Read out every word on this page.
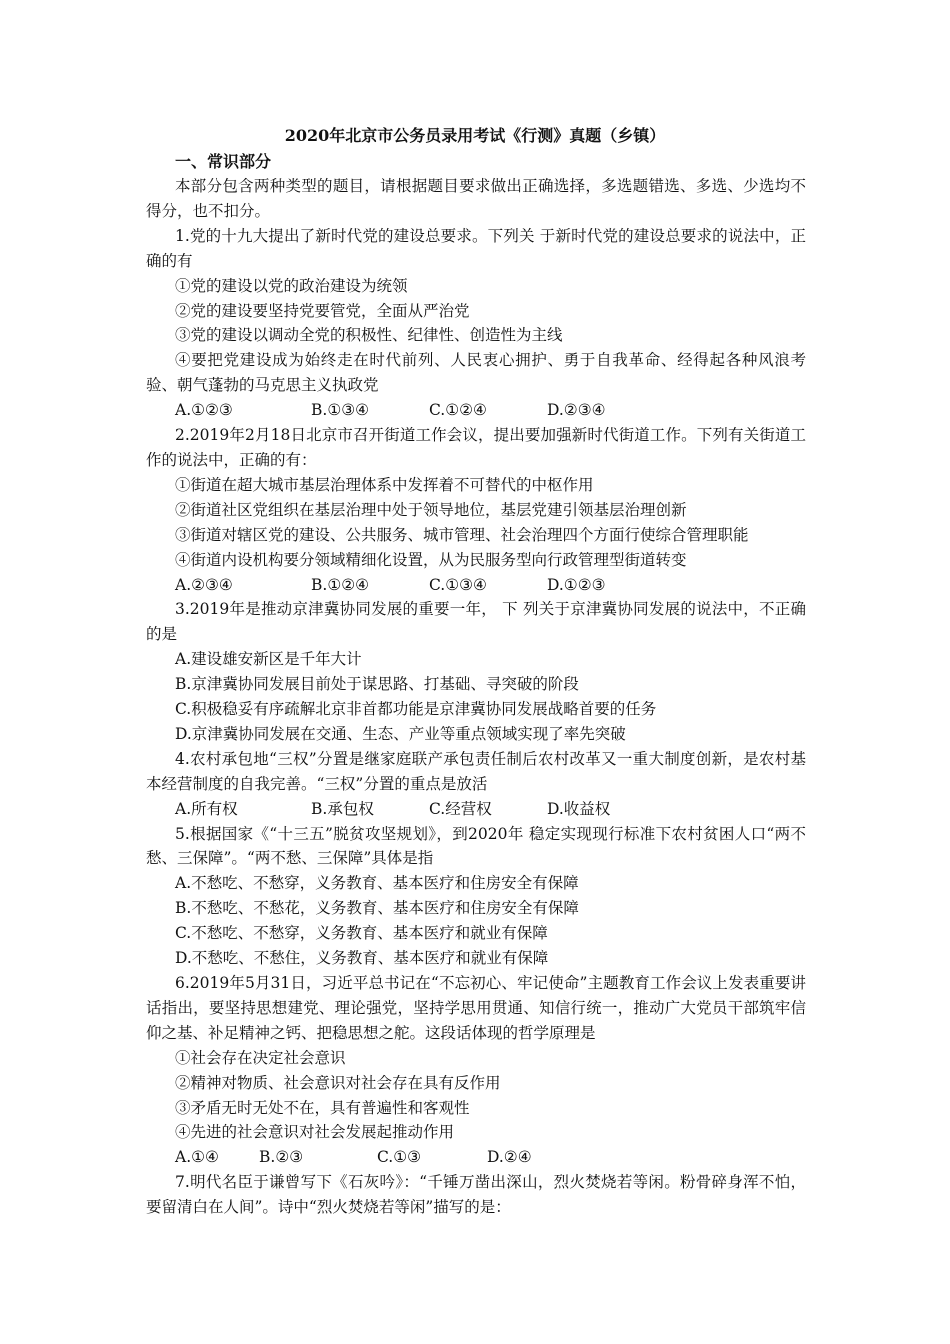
2020年北京市公务员录用考试《行测》真题（乡镇）
一、常识部分

本部分包含两种类型的题目，请根据题目要求做出正确选择，多选题错选、多选、少选均不得分，也不扣分。

1.党的十九大提出了新时代党的建设总要求。下列关 于新时代党的建设总要求的说法中，正确的有

①党的建设以党的政治建设为统领

②党的建设要坚持党要管党，全面从严治党

③党的建设以调动全党的积极性、纪律性、创造性为主线

④要把党建设成为始终走在时代前列、人民衷心拥护、勇于自我革命、经得起各种风浪考验、朝气蓬勃的马克思主义执政党

A.①②③	B.①③④	C.①②④	D.②③④

2.2019年2月18日北京市召开街道工作会议，提出要加强新时代街道工作。下列有关街道工作的说法中，正确的有：

①街道在超大城市基层治理体系中发挥着不可替代的中枢作用

②街道社区党组织在基层治理中处于领导地位，基层党建引领基层治理创新

③街道对辖区党的建设、公共服务、城市管理、社会治理四个方面行使综合管理职能

④街道内设机构要分领域精细化设置，从为民服务型向行政管理型街道转变

A.②③④	B.①②④	C.①③④	D.①②③

3.2019年是推动京津冀协同发展的重要一年， 下 列关于京津冀协同发展的说法中，不正确的是

A.建设雄安新区是千年大计

B.京津冀协同发展目前处于谋思路、打基础、寻突破的阶段

C.积极稳妥有序疏解北京非首都功能是京津冀协同发展战略首要的任务

D.京津冀协同发展在交通、生态、产业等重点领域实现了率先突破

4.农村承包地“三权”分置是继家庭联产承包责任制后农村改革又一重大制度创新，是农村基本经营制度的自我完善。“三权”分置的重点是放活

A.所有权	B.承包权	C.经营权	D.收益权

5.根据国家《“十三五”脱贫攻坚规划》，到2020年 稳定实现现行标准下农村贫困人口“两不愁、三保障”。“两不愁、三保障”具体是指

A.不愁吃、不愁穿，义务教育、基本医疗和住房安全有保障

B.不愁吃、不愁花，义务教育、基本医疗和住房安全有保障

C.不愁吃、不愁穿，义务教育、基本医疗和就业有保障

D.不愁吃、不愁住，义务教育、基本医疗和就业有保障

6.2019年5月31日，习近平总书记在“不忘初心、牢记使命”主题教育工作会议上发表重要讲话指出，要坚持思想建党、理论强党，坚持学思用贯通、知信行统一，推动广大党员干部筑牢信仰之基、补足精神之钙、把稳思想之舵。这段话体现的哲学原理是

①社会存在决定社会意识

②精神对物质、社会意识对社会存在具有反作用

③矛盾无时无处不在，具有普遍性和客观性

④先进的社会意识对社会发展起推动作用

A.①④	B.②③	C.①③	D.②④

7.明代名臣于谦曾写下《石灰吟》：“千锤万凿出深山，烈火焚烧若等闲。粉骨碎身浑不怕，要留清白在人间”。诗中“烈火焚烧若等闲”描写的是：
